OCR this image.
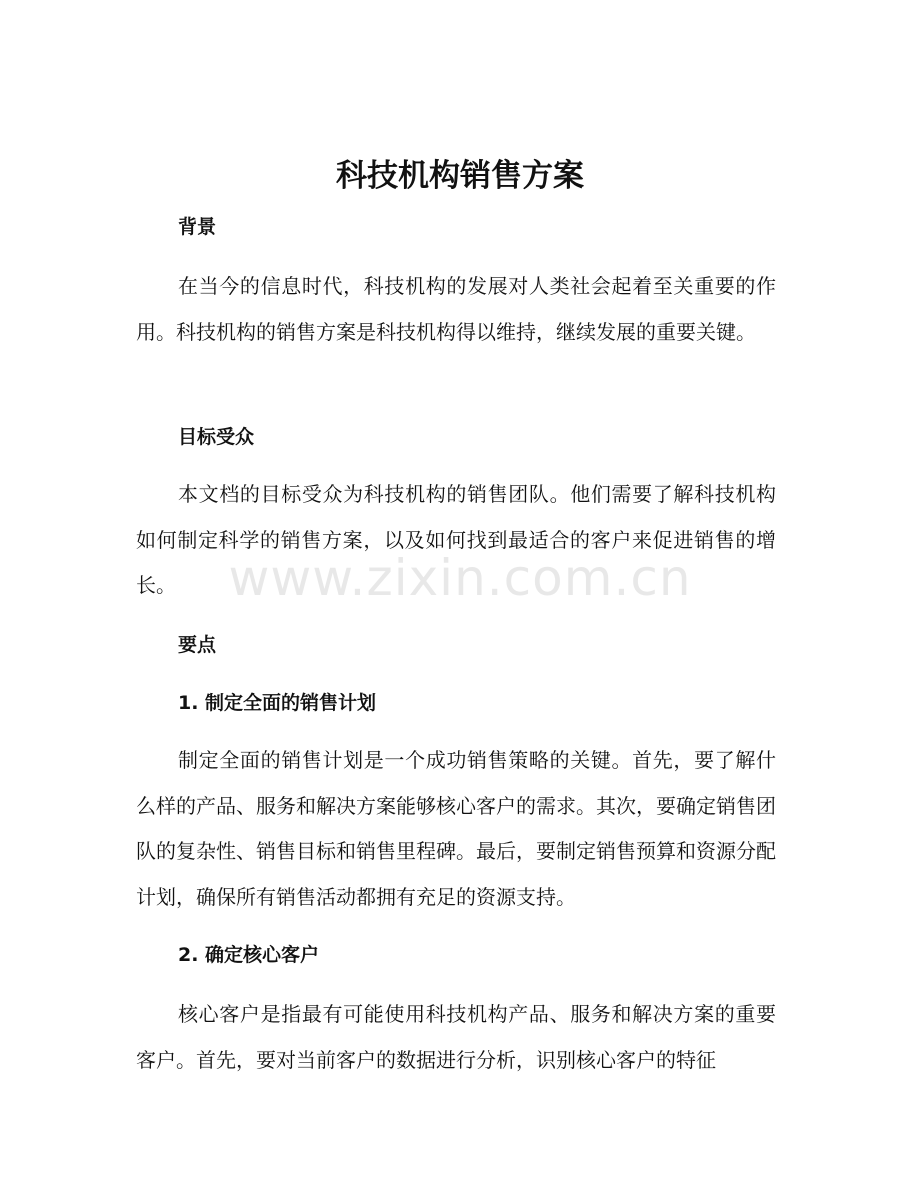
科技机构销售方案
背景

在当今的信息时代，科技机构的发展对人类社会起着至关重要的作用。科技机构的销售方案是科技机构得以维持，继续发展的重要关键。

目标受众

本文档的目标受众为科技机构的销售团队。他们需要了解科技机构如何制定科学的销售方案，以及如何找到最适合的客户来促进销售的增长。

要点
1. 制定全面的销售计划

制定全面的销售计划是一个成功销售策略的关键。首先，要了解什么样的产品、服务和解决方案能够核心客户的需求。其次，要确定销售团队的复杂性、销售目标和销售里程碑。最后，要制定销售预算和资源分配计划，确保所有销售活动都拥有充足的资源支持。

2. 确定核心客户

核心客户是指最有可能使用科技机构产品、服务和解决方案的重要客户。首先，要对当前客户的数据进行分析，识别核心客户的特征

www.zixin.com.cn
